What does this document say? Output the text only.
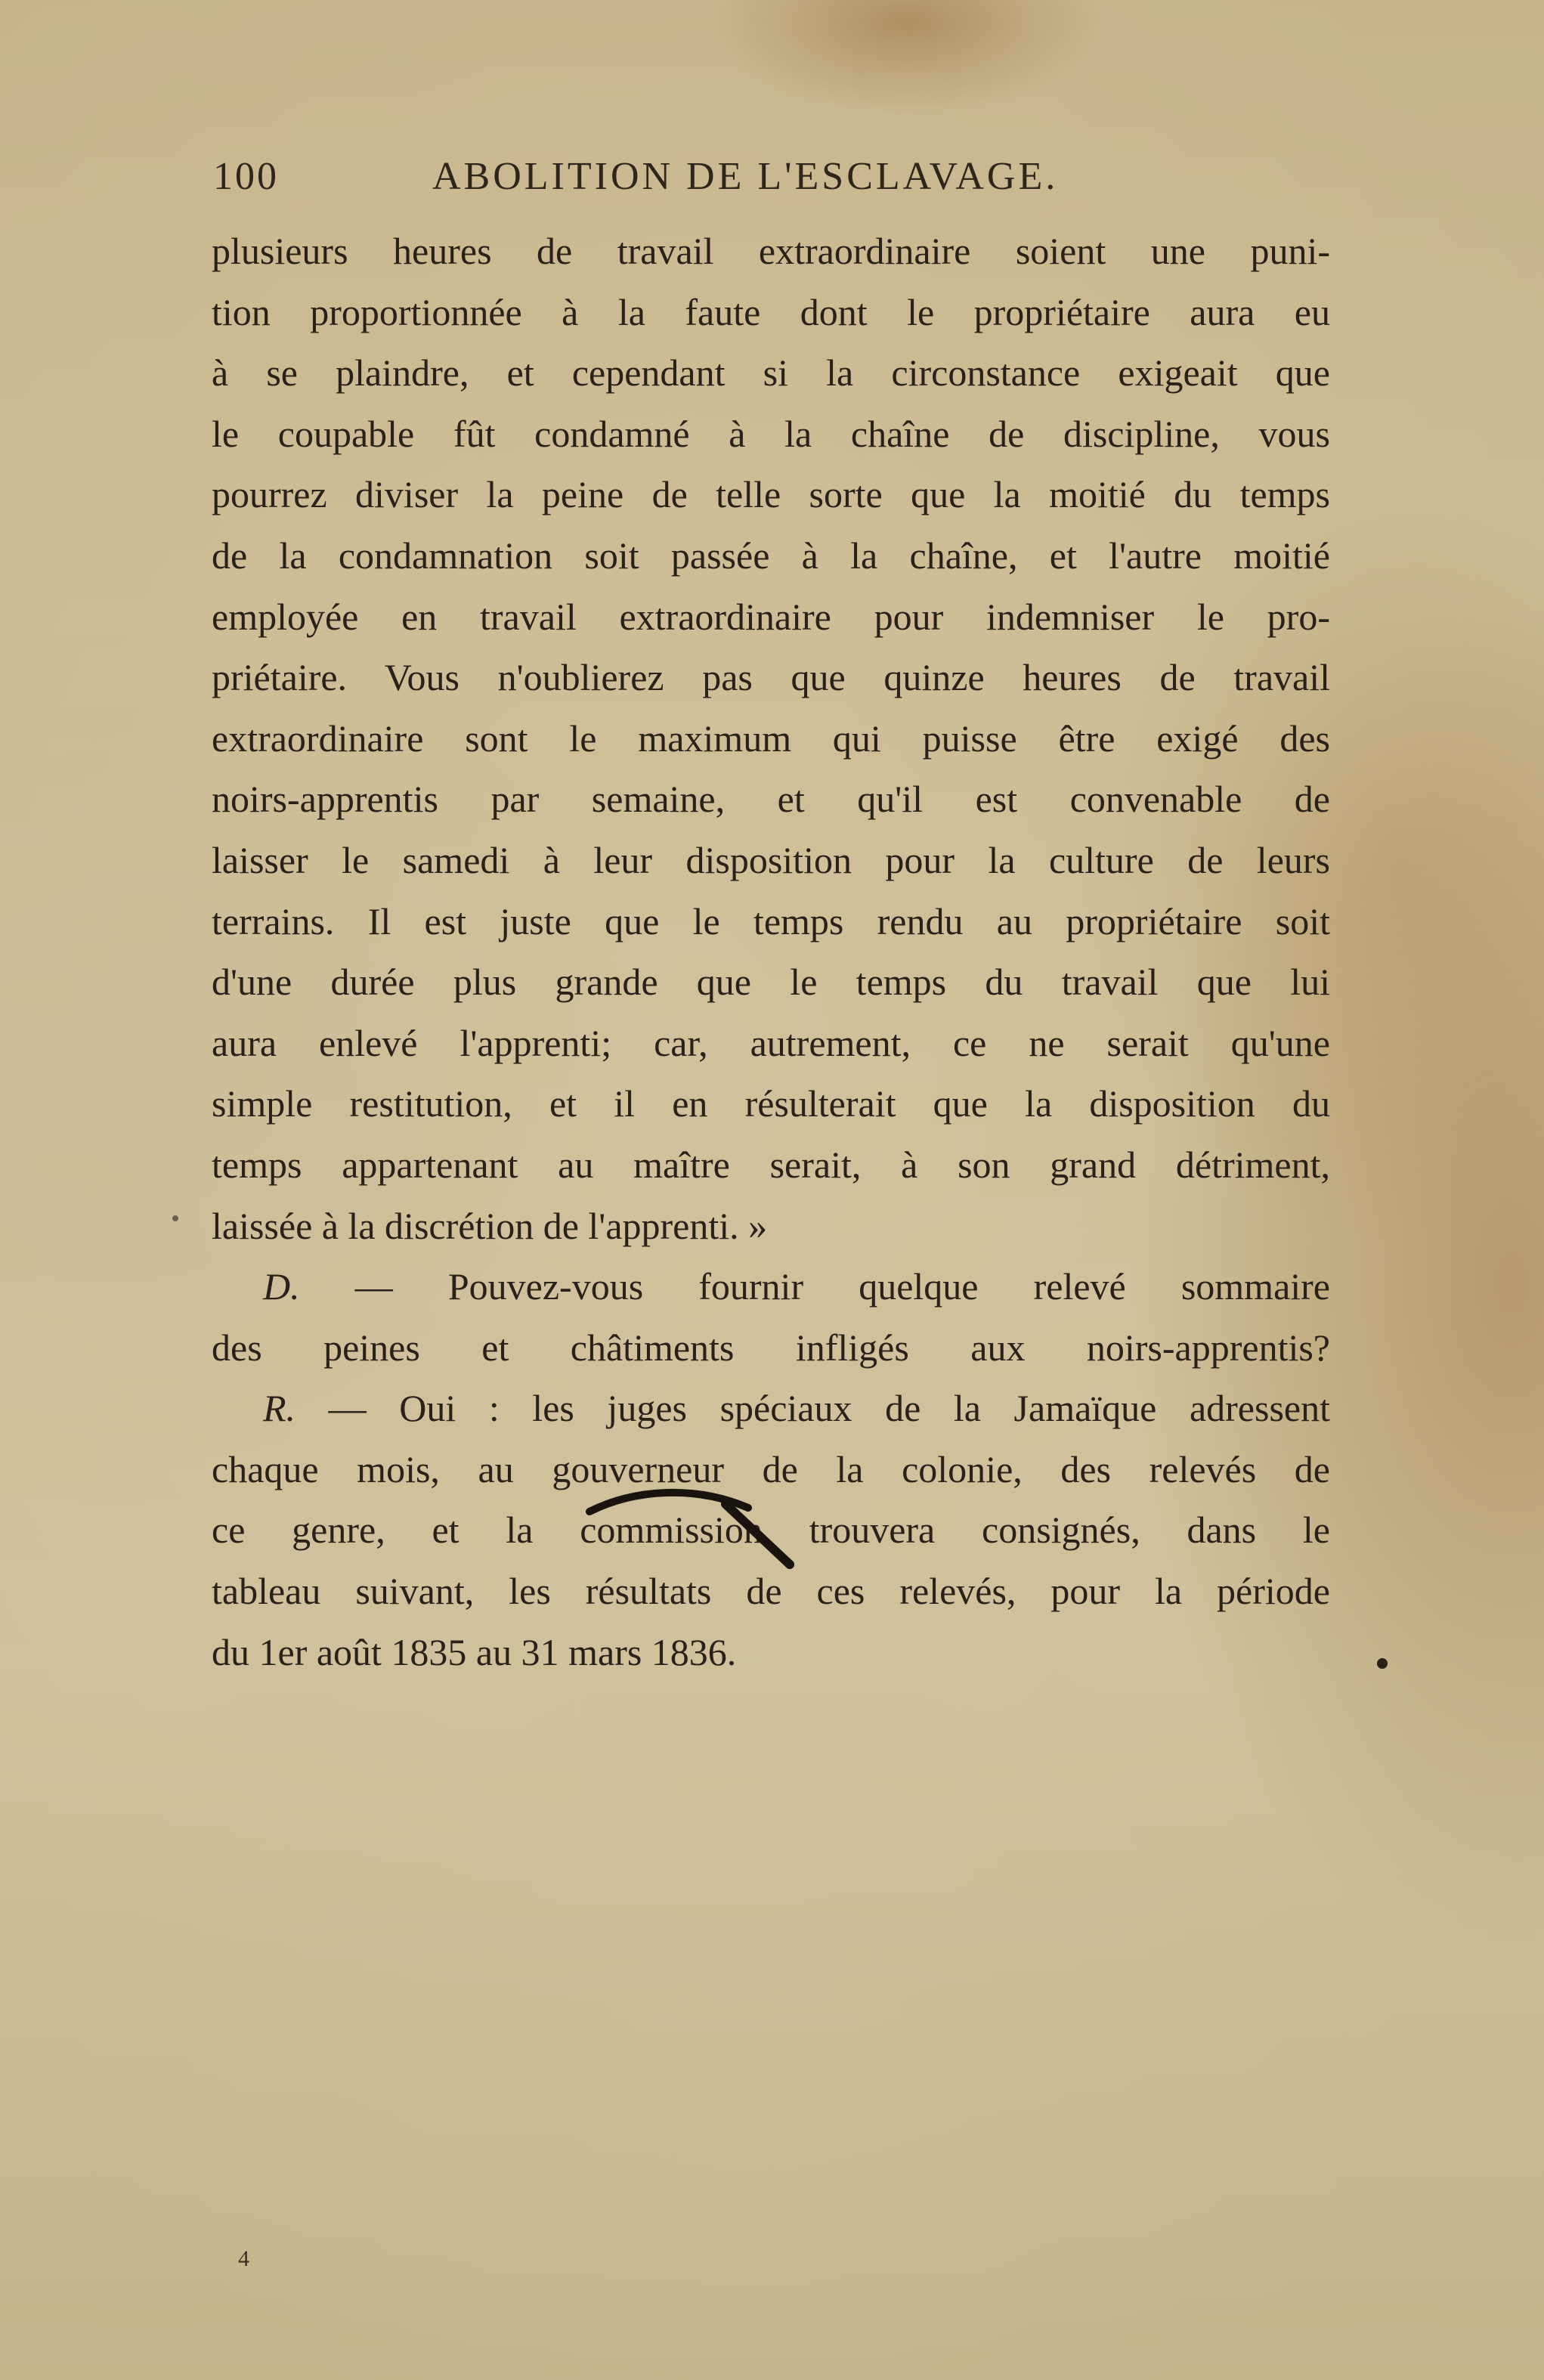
100	ABOLITION DE L'ESCLAVAGE.
plusieurs heures de travail extraordinaire soient une puni-
tion proportionnée à la faute dont le propriétaire aura eu
à se plaindre, et cependant si la circonstance exigeait que
le coupable fût condamné à la chaîne de discipline, vous
pourrez diviser la peine de telle sorte que la moitié du temps
de la condamnation soit passée à la chaîne, et l'autre moitié
employée en travail extraordinaire pour indemniser le pro-
priétaire. Vous n'oublierez pas que quinze heures de travail
extraordinaire sont le maximum qui puisse être exigé des
noirs-apprentis par semaine, et qu'il est convenable de
laisser le samedi à leur disposition pour la culture de leurs
terrains. Il est juste que le temps rendu au propriétaire soit
d'une durée plus grande que le temps du travail que lui
aura enlevé l'apprenti; car, autrement, ce ne serait qu'une
simple restitution, et il en résulterait que la disposition du
temps appartenant au maître serait, à son grand détriment,
laissée à la discrétion de l'apprenti. »
D. — Pouvez-vous fournir quelque relevé sommaire
des peines et châtiments infligés aux noirs-apprentis?
R. — Oui : les juges spéciaux de la Jamaïque adressent
chaque mois, au gouverneur de la colonie, des relevés de
ce genre, et la commission trouvera consignés, dans le
tableau suivant, les résultats de ces relevés, pour la période
du 1er août 1835 au 31 mars 1836.
4
